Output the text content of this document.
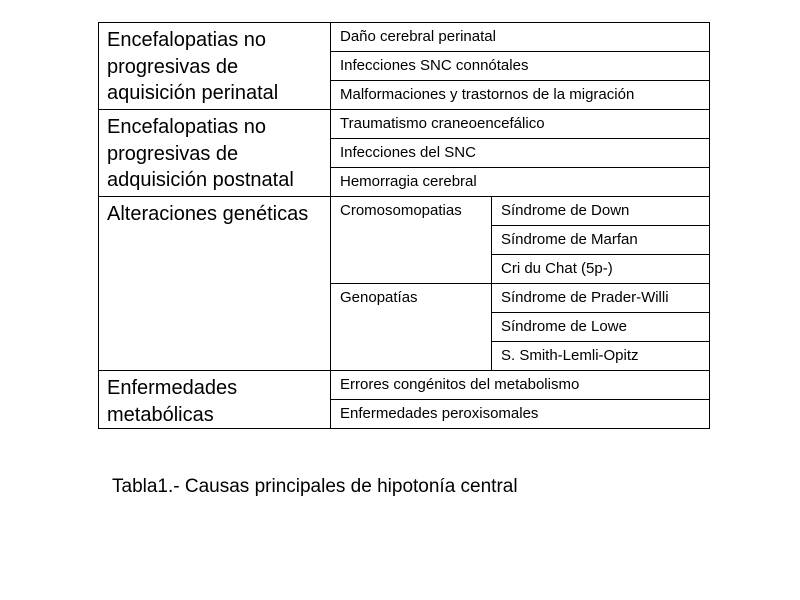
Encefalopatias no progresivas de aquisición perinatal	Daño cerebral perinatal	
	Infecciones SNC connótales	
	Malformaciones y trastornos de la migración	
Encefalopatias no progresivas de adquisición postnatal	Traumatismo craneoencefálico	
	Infecciones del SNC	
	Hemorragia cerebral	
Alteraciones genéticas	Cromosomopatias	Síndrome de Down
		Síndrome de Marfan
		Cri du Chat (5p-)
	Genopatías	Síndrome de Prader-Willi
		Síndrome de Lowe
		S. Smith-Lemli-Opitz
Enfermedades metabólicas	Errores congénitos del metabolismo	
	Enfermedades peroxisomales	
Tabla1.- Causas principales de hipotonía central
